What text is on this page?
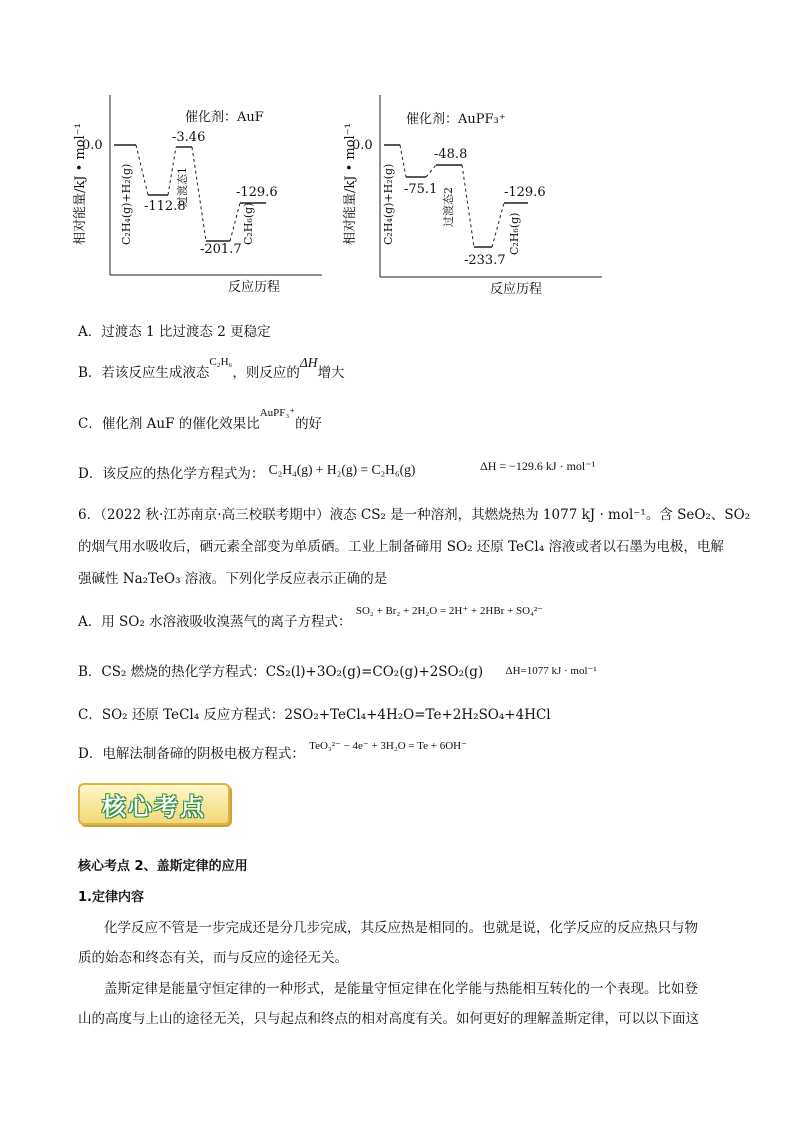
相对能量/kJ • mol⁻¹
0.0
反应历程
催化剂：AuF
-112.8
-3.46
-201.7
-129.6
C₂H₄(g)+H₂(g)	过渡态1
C₂H₆(g)	相对能量/kJ • mol⁻¹
0.0
反应历程
催化剂：AuPF₃⁺
-75.1
-48.8
-233.7
-129.6
C₂H₄(g)+H₂(g)	过渡态2
C₂H₆(g)
A．过渡态 1 比过渡态 2 更稳定
B．若该反应生成液态$^{C_2H_6}$，则反应的ΔH增大
C．催化剂 AuF 的催化效果比$^{AuPF_3^+}$的好
D．该反应的热化学方程式为： C₂H₄(g) + H₂(g) = C₂H₆(g)	ΔH = −129.6 kJ · mol⁻¹
6．（2022 秋·江苏南京·高三校联考期中）液态 CS₂ 是一种溶剂，其燃烧热为 1077 kJ · mol⁻¹。含 SeO₂、SO₂
的烟气用水吸收后，硒元素全部变为单质硒。工业上制备碲用 SO₂ 还原 TeCl₄ 溶液或者以石墨为电极，电解
强碱性 Na₂TeO₃ 溶液。下列化学反应表示正确的是
A．用 SO₂ 水溶液吸收溴蒸气的离子方程式： $^{SO_2 + Br_2 + 2H_2O = 2H^+ + 2HBr + SO_4^{2-}}$
B．CS₂ 燃烧的热化学方程式：CS₂(l)+3O₂(g)=CO₂(g)+2SO₂(g) ΔH=1077 kJ · mol⁻¹
C．SO₂ 还原 TeCl₄ 反应方程式：2SO₂+TeCl₄+4H₂O=Te+2H₂SO₄+4HCl
D．电解法制备碲的阴极电极方程式： $^{TeO_3^{2-} - 4e^- + 3H_2O = Te + 6OH^-}$
核心考点
核心考点 2、盖斯定律的应用
1.定律内容
化学反应不管是一步完成还是分几步完成，其反应热是相同的。也就是说，化学反应的反应热只与物
质的始态和终态有关，而与反应的途径无关。
盖斯定律是能量守恒定律的一种形式，是能量守恒定律在化学能与热能相互转化的一个表现。比如登
山的高度与上山的途径无关，只与起点和终点的相对高度有关。如何更好的理解盖斯定律，可以以下面这
